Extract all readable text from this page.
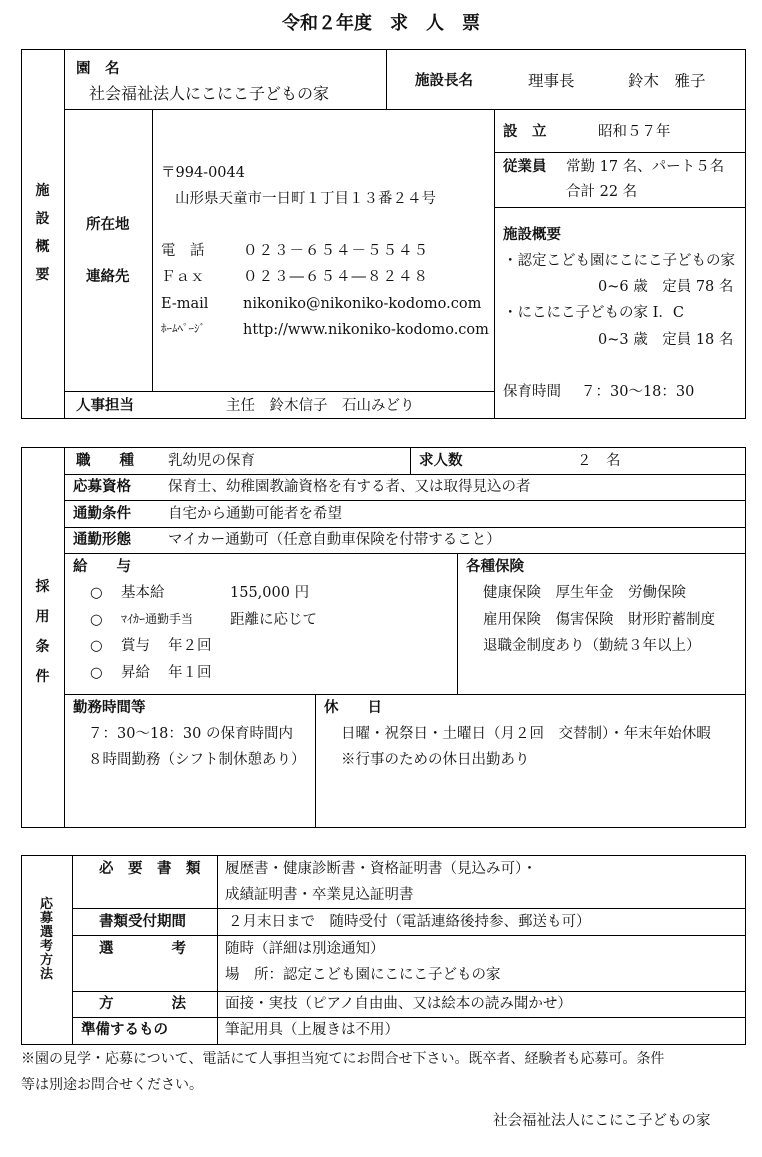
令和２年度　求　人　票
施
設
概
要
園　名
社会福祉法人にこにこ子どもの家
施設長名	理事長	鈴木　雅子
所在地
連絡先
〒994-0044
山形県天童市一日町１丁目１３番２４号
電　話	０２３－６５４－５５４５
Ｆａｘ	０２３―６５４―８２４８
E-mail nikoniko@nikoniko-kodomo.com
ﾎｰﾑﾍﾟｰｼﾞ	http://www.nikoniko-kodomo.com
人事担当	主任　鈴木信子　石山みどり
設　立	昭和５７年
従業員 常勤 17 名、パート５名
合計 22 名
施設概要
・認定こども園にこにこ子どもの家
0~6 歳　定員 78 名
・にこにこ子どもの家 I．C
0~3 歳　定員 18 名
保育時間 ７：30～18：30
採
用
条
件
職　　種 乳幼児の保育	求人数	２　名
応募資格	保育士、幼稚園教諭資格を有する者、又は取得見込の者
通勤条件	自宅から通勤可能者を希望
通勤形態	マイカー通勤可（任意自動車保険を付帯すること）
給　　与
○ 基本給	155,000 円
○ ﾏｲｶｰ通勤手当	距離に応じて
○ 賞与 年２回
○ 昇給 年１回
各種保険
健康保険　厚生年金　労働保険
雇用保険　傷害保険　財形貯蓄制度
退職金制度あり（勤続３年以上）
勤務時間等
７：30～18：30 の保育時間内
８時間勤務（シフト制休憩あり）
休　　日
日曜・祝祭日・土曜日（月２回　交替制）・年末年始休暇
※行事のための休日出勤あり
応
募
選
考
方
法
必　要　書　類 履歴書・健康診断書・資格証明書（見込み可）・
成績証明書・卒業見込証明書
書類受付期間	２月末日まで　随時受付（電話連絡後持参、郵送も可）
選　　　　考	随時（詳細は別途通知）
場　所：認定こども園にこにこ子どもの家
方　　　　法	面接・実技（ピアノ自由曲、又は絵本の読み聞かせ）
準備するもの	筆記用具（上履きは不用）
※園の見学・応募について、電話にて人事担当宛てにお問合せ下さい。既卒者、経験者も応募可。条件
等は別途お問合せください。
社会福祉法人にこにこ子どもの家
